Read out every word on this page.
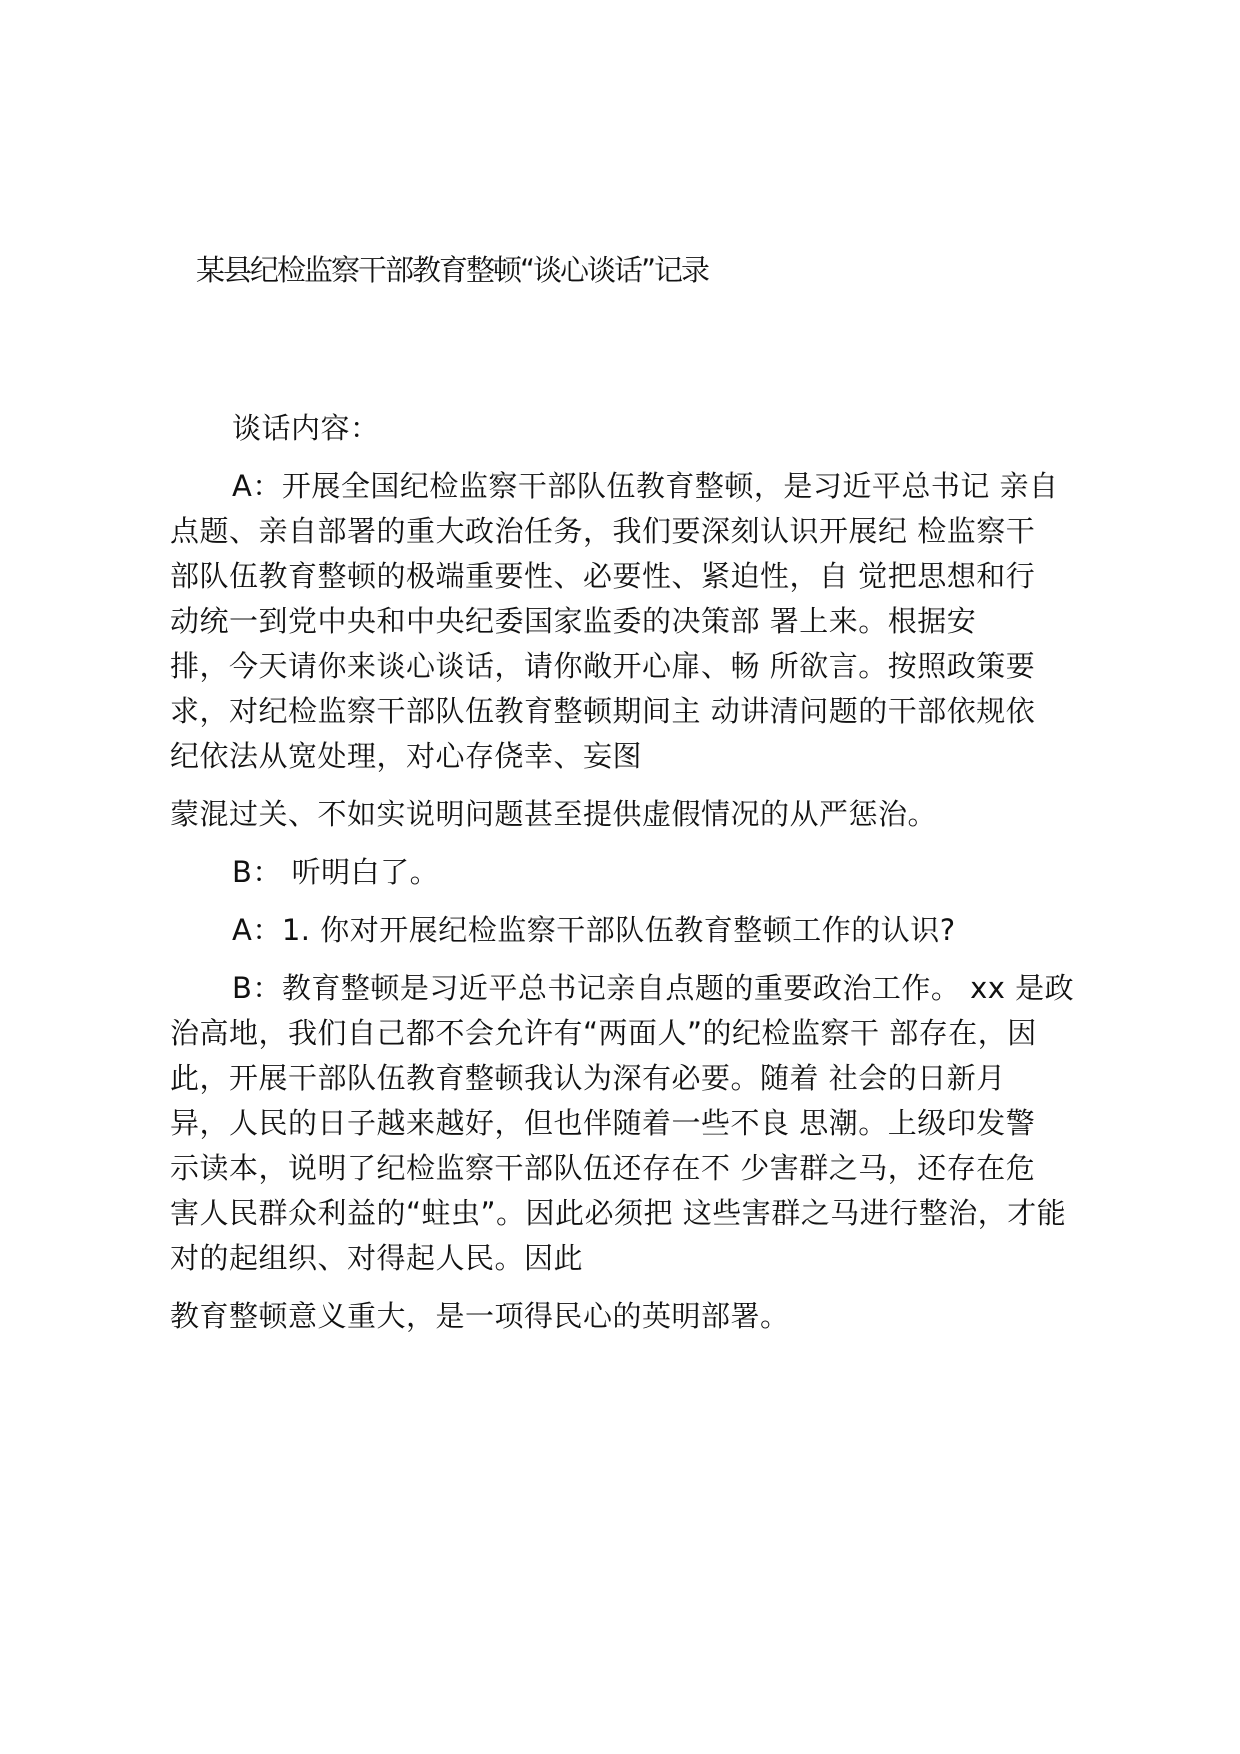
某县纪检监察干部教育整顿“谈心谈话”记录
谈话内容：
A：开展全国纪检监察干部队伍教育整顿，是习近平总书记 亲自
点题、亲自部署的重大政治任务，我们要深刻认识开展纪 检监察干
部队伍教育整顿的极端重要性、必要性、紧迫性，自 觉把思想和行
动统一到党中央和中央纪委国家监委的决策部 署上来。根据安
排，今天请你来谈心谈话，请你敞开心扉、畅 所欲言。按照政策要
求，对纪检监察干部队伍教育整顿期间主 动讲清问题的干部依规依
纪依法从宽处理，对心存侥幸、妄图
蒙混过关、不如实说明问题甚至提供虚假情况的从严惩治。
B： 听明白了。
A：1. 你对开展纪检监察干部队伍教育整顿工作的认识?
B：教育整顿是习近平总书记亲自点题的重要政治工作。 xx 是政
治高地，我们自己都不会允许有“两面人”的纪检监察干 部存在，因
此，开展干部队伍教育整顿我认为深有必要。随着 社会的日新月
异，人民的日子越来越好，但也伴随着一些不良 思潮。上级印发警
示读本，说明了纪检监察干部队伍还存在不 少害群之马，还存在危
害人民群众利益的“蛀虫”。因此必须把 这些害群之马进行整治，才能
对的起组织、对得起人民。因此
教育整顿意义重大，是一项得民心的英明部署。
